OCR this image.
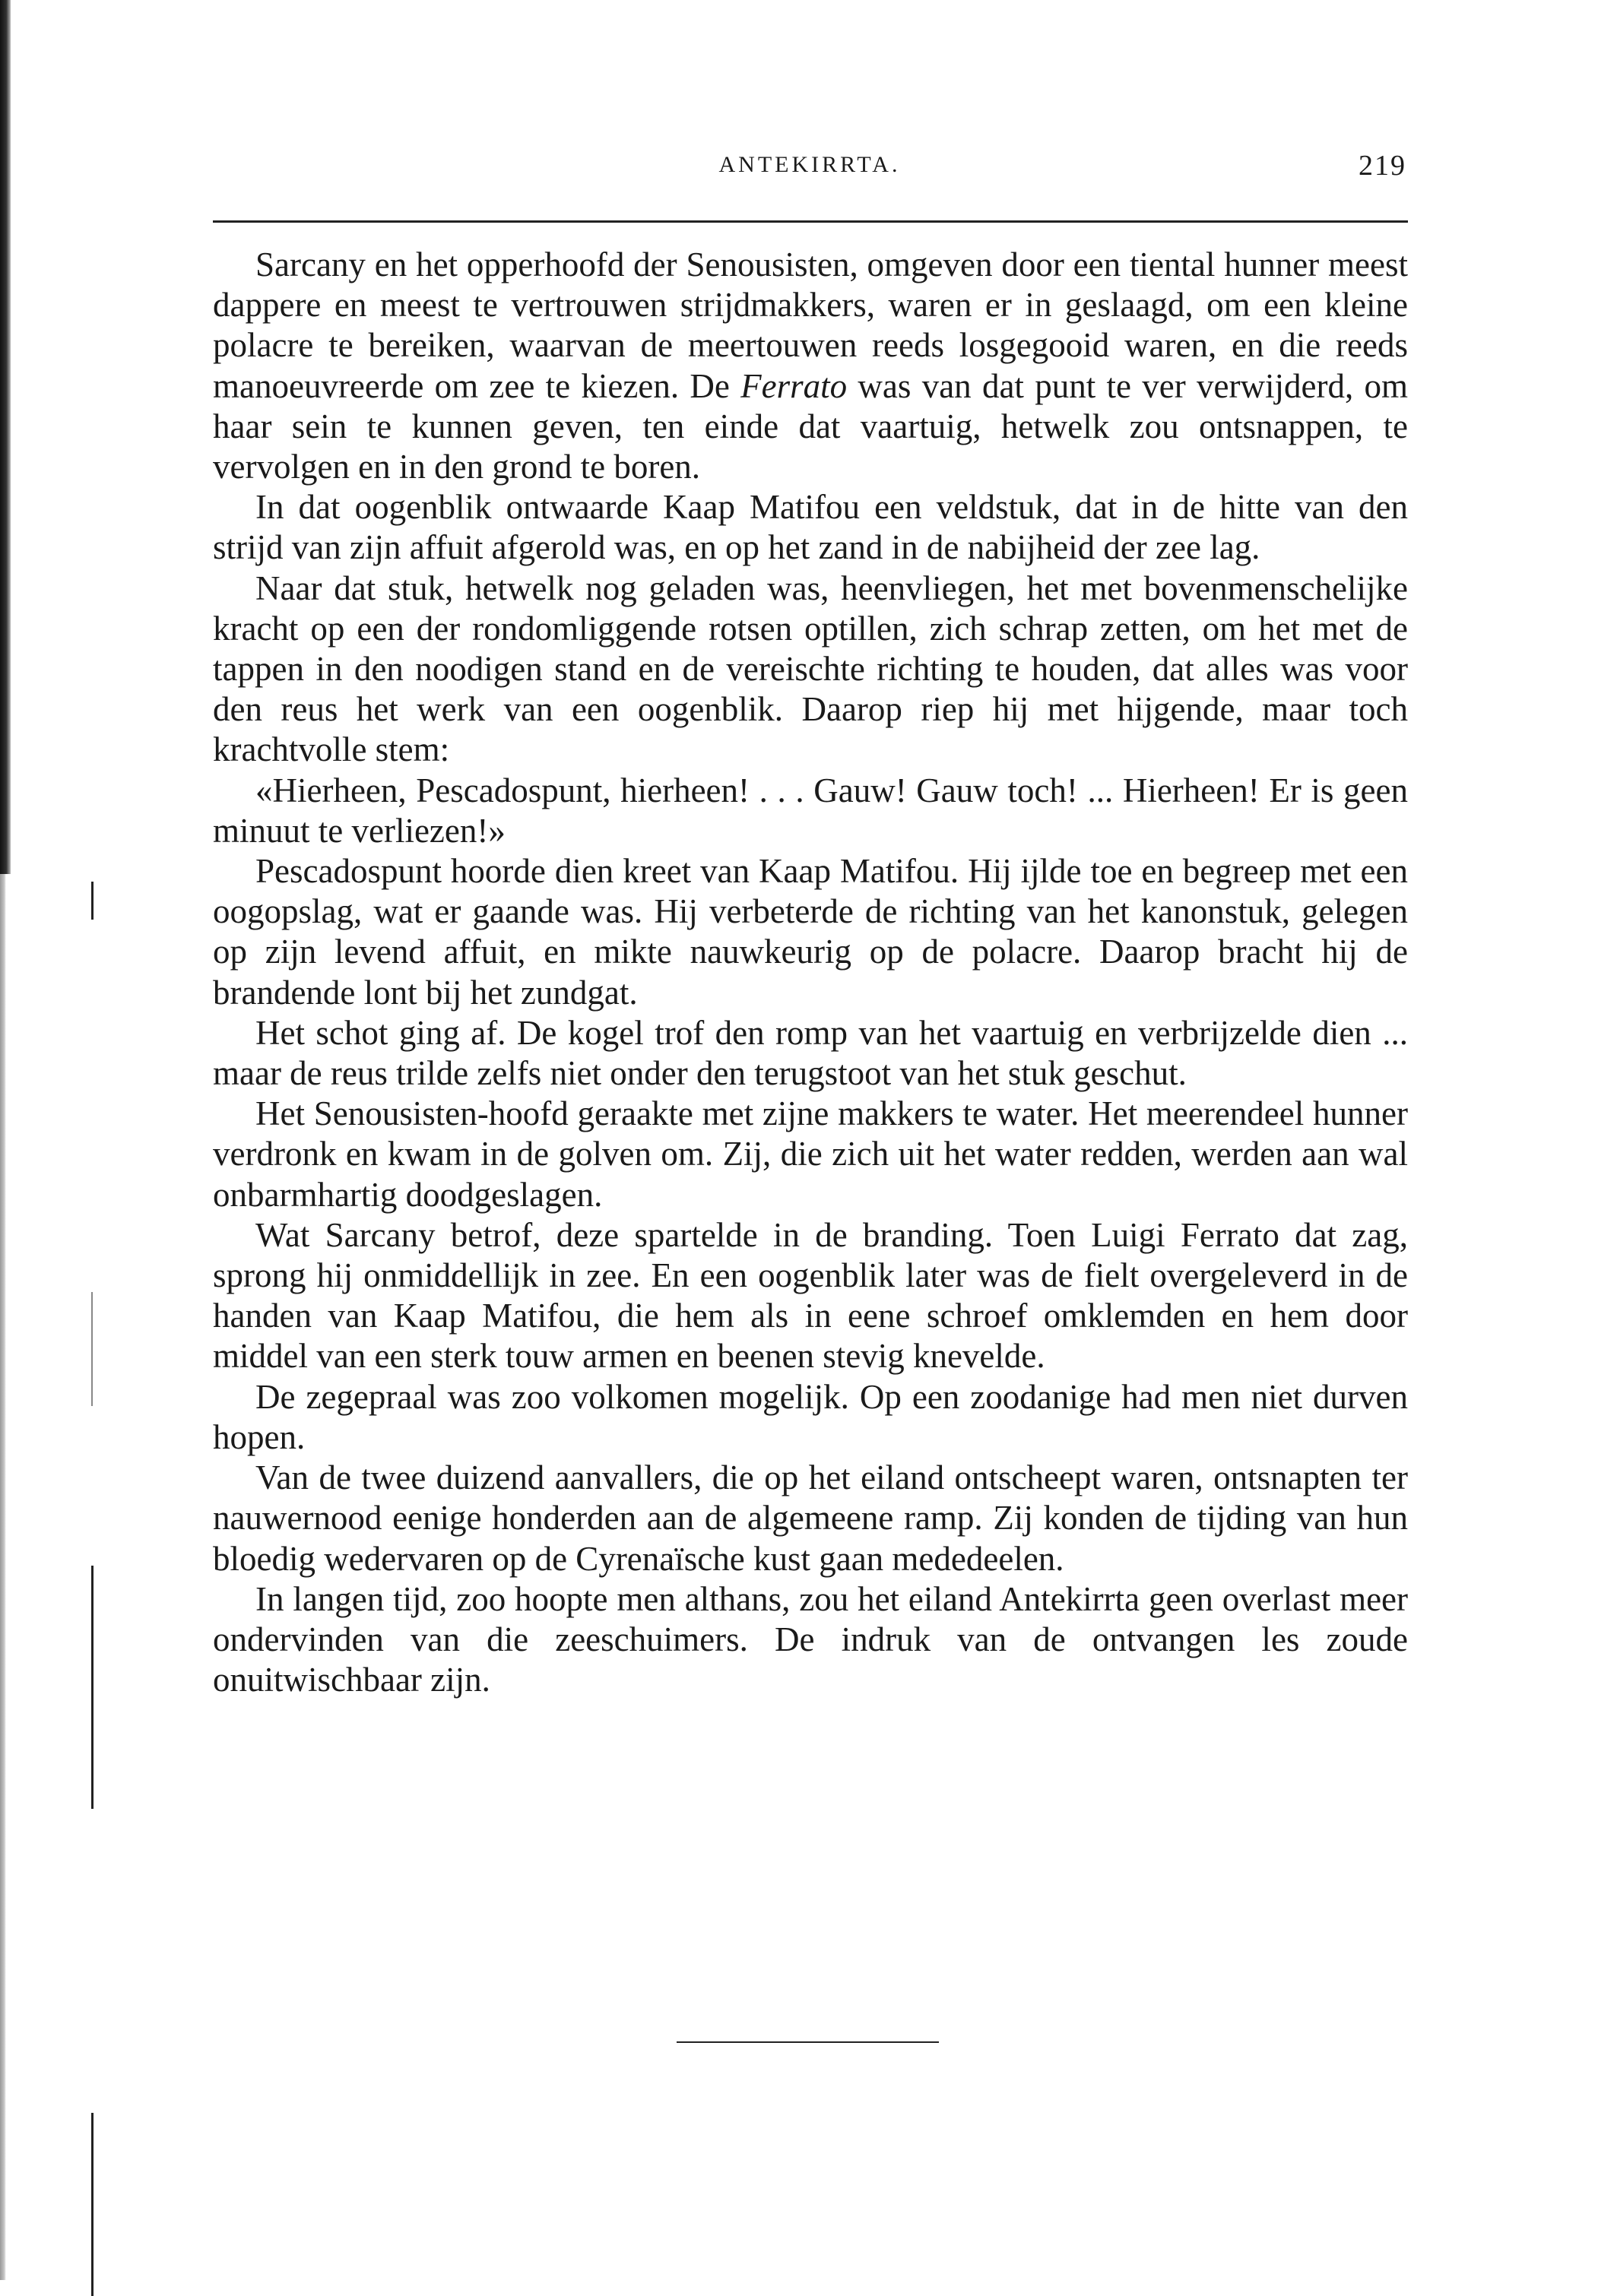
ANTEKIRRTA.	219

Sarcany en het opperhoofd der Senousisten, omgeven door een tiental hunner meest dappere en meest te vertrouwen strijdmakkers, waren er in geslaagd, om een kleine polacre te bereiken, waarvan de meertouwen reeds losgegooid waren, en die reeds manoeuvreerde om zee te kiezen. De Ferrato was van dat punt te ver verwijderd, om haar sein te kunnen geven, ten einde dat vaartuig, hetwelk zou ontsnappen, te vervolgen en in den grond te boren.

In dat oogenblik ontwaarde Kaap Matifou een veldstuk, dat in de hitte van den strijd van zijn affuit afgerold was, en op het zand in de nabijheid der zee lag.

Naar dat stuk, hetwelk nog geladen was, heenvliegen, het met bovenmenschelijke kracht op een der rondomliggende rotsen optillen, zich schrap zetten, om het met de tappen in den noodigen stand en de vereischte richting te houden, dat alles was voor den reus het werk van een oogenblik. Daarop riep hij met hijgende, maar toch krachtvolle stem:

«Hierheen, Pescadospunt, hierheen! . . . Gauw! Gauw toch! ... Hierheen! Er is geen minuut te verliezen!»

Pescadospunt hoorde dien kreet van Kaap Matifou. Hij ijlde toe en begreep met een oogopslag, wat er gaande was. Hij verbeterde de richting van het kanonstuk, gelegen op zijn levend affuit, en mikte nauwkeurig op de polacre. Daarop bracht hij de brandende lont bij het zundgat.

Het schot ging af. De kogel trof den romp van het vaartuig en verbrijzelde dien ... maar de reus trilde zelfs niet onder den terugstoot van het stuk geschut.

Het Senousisten-hoofd geraakte met zijne makkers te water. Het meerendeel hunner verdronk en kwam in de golven om. Zij, die zich uit het water redden, werden aan wal onbarmhartig doodgeslagen.

Wat Sarcany betrof, deze spartelde in de branding. Toen Luigi Ferrato dat zag, sprong hij onmiddellijk in zee. En een oogenblik later was de fielt overgeleverd in de handen van Kaap Matifou, die hem als in eene schroef omklemden en hem door middel van een sterk touw armen en beenen stevig knevelde.

De zegepraal was zoo volkomen mogelijk. Op een zoodanige had men niet durven hopen.

Van de twee duizend aanvallers, die op het eiland ontscheept waren, ontsnapten ter nauwernood eenige honderden aan de algemeene ramp. Zij konden de tijding van hun bloedig wedervaren op de Cyrenaïsche kust gaan mededeelen.

In langen tijd, zoo hoopte men althans, zou het eiland Antekirrta geen overlast meer ondervinden van die zeeschuimers. De indruk van de ontvangen les zoude onuitwischbaar zijn.
